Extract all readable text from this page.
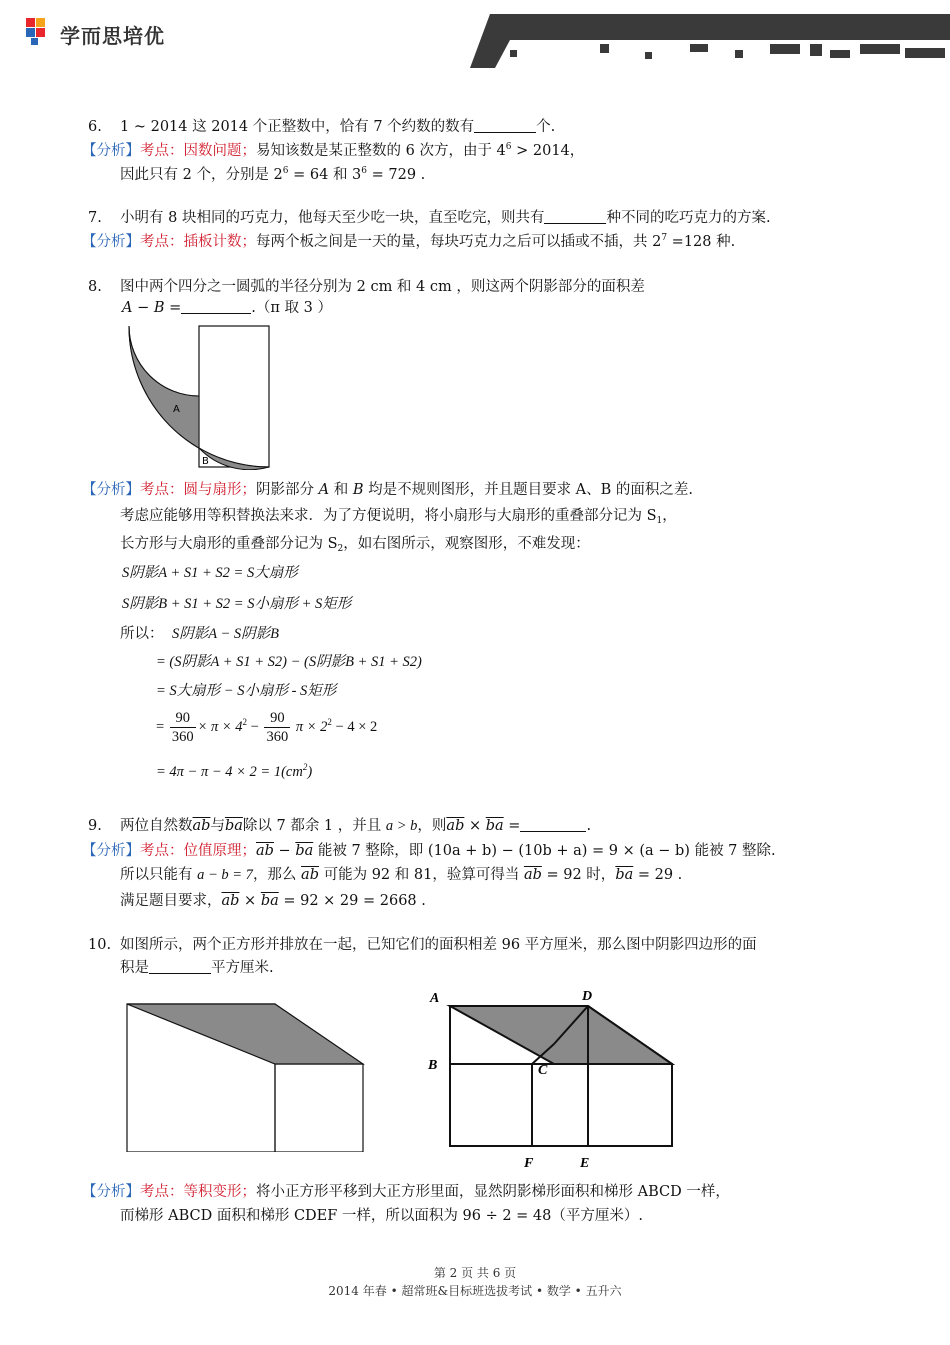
学而思培优
6. 1 ~ 2014 这 2014 个正整数中，恰有 7 个约数的数有	个.
【分析】考点：因数问题；易知该数是某正整数的 6 次方，由于 $4^6 > 2014$，
因此只有 2 个，分别是 $2^6 = 64$ 和 $3^6 = 729$ .
7. 小明有 8 块相同的巧克力，他每天至少吃一块，直至吃完，则共有	种不同的吃巧克力的方案.
【分析】考点：插板计数；每两个板之间是一天的量，每块巧克力之后可以插或不插，共 $2^7 =128$ 种.
8. 图中两个四分之一圆弧的半径分别为 2 cm 和 4 cm ，则这两个阴影部分的面积差
A − B =	.（π 取 3 ）
A
B
【分析】考点：圆与扇形；阴影部分 A 和 B 均是不规则图形，并且题目要求 A、B 的面积之差.
考虑应能够用等积替换法来求．为了方便说明，将小扇形与大扇形的重叠部分记为 $S_1$，
长方形与大扇形的重叠部分记为 $S_2$，如右图所示，观察图形，不难发现：
S阴影A + S1 + S2 = S大扇形
S阴影B + S1 + S2 = S小扇形 + S矩形
所以： S阴影A − S阴影B
= (S阴影A + S1 + S2) − (S阴影B + S1 + S2)
= S大扇形 − S小扇形 - S矩形
= $\frac{90}{360} \times \pi \times 4^2 - \frac{90}{360}$ $\pi \times 2^2 - 4 \times 2$
= $4\pi - \pi - 4 \times 2 = 1(cm^2)$
9. 两位自然数$\overline{ab}$与$\overline{ba}$除以 7 都余 1 ，并且 a > b，则$\overline{ab} \times \overline{ba}$ =	.
【分析】考点：位值原理；$\overline{ab} - \overline{ba}$ 能被 7 整除，即 (10a + b) − (10b + a) = 9 × (a − b) 能被 7 整除.
所以只能有 a − b = 7，那么 $\overline{ab}$ 可能为 92 和 81，验算可得当 $\overline{ab} = 92$ 时，$\overline{ba} = 29$ .
满足题目要求，$\overline{ab} \times \overline{ba} = 92 \times 29 = 2668$ .
10. 如图所示，两个正方形并排放在一起，已知它们的面积相差 96 平方厘米，那么图中阴影四边形的面
积是	平方厘米.
A	D
B	C
F	E
【分析】考点：等积变形；将小正方形平移到大正方形里面，显然阴影梯形面积和梯形 ABCD 一样，
而梯形 ABCD 面积和梯形 CDEF 一样，所以面积为 96 ÷ 2 = 48（平方厘米）.
第 2 页 共 6 页
2014 年春 • 超常班&目标班选拔考试 • 数学 • 五升六
